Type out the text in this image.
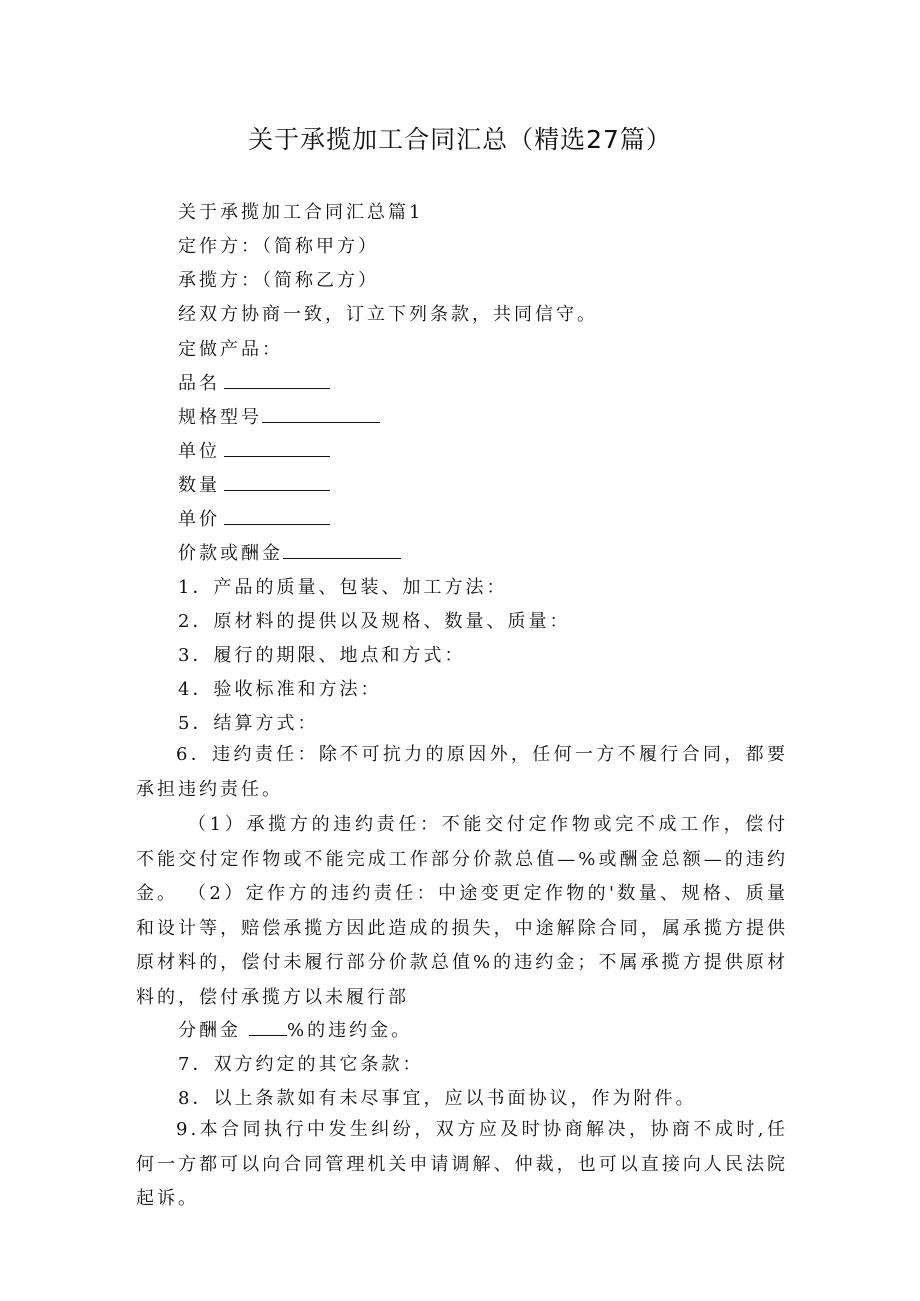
关于承揽加工合同汇总（精选27篇）
关于承揽加工合同汇总篇1
定作方：（简称甲方）
承揽方：（简称乙方）
经双方协商一致，订立下列条款，共同信守。
定做产品：
品名
规格型号
单位
数量
单价
价款或酬金
1．产品的质量、包装、加工方法：
2．原材料的提供以及规格、数量、质量：
3．履行的期限、地点和方式：
4．验收标准和方法：
5．结算方式：
6．违约责任：除不可抗力的原因外，任何一方不履行合同，都要承担违约责任。
（1）承揽方的违约责任：不能交付定作物或完不成工作，偿付不能交付定作物或不能完成工作部分价款总值—%或酬金总额—的违约金。 （2）定作方的违约责任：中途变更定作物的'数量、规格、质量和设计等，赔偿承揽方因此造成的损失，中途解除合同，属承揽方提供原材料的，偿付未履行部分价款总值%的违约金；不属承揽方提供原材料的，偿付承揽方以未履行部
分酬金	%的违约金。
7．双方约定的其它条款：
8．以上条款如有未尽事宜，应以书面协议，作为附件。
9.本合同执行中发生纠纷，双方应及时协商解决，协商不成时,任何一方都可以向合同管理机关申请调解、仲裁，也可以直接向人民法院起诉。
